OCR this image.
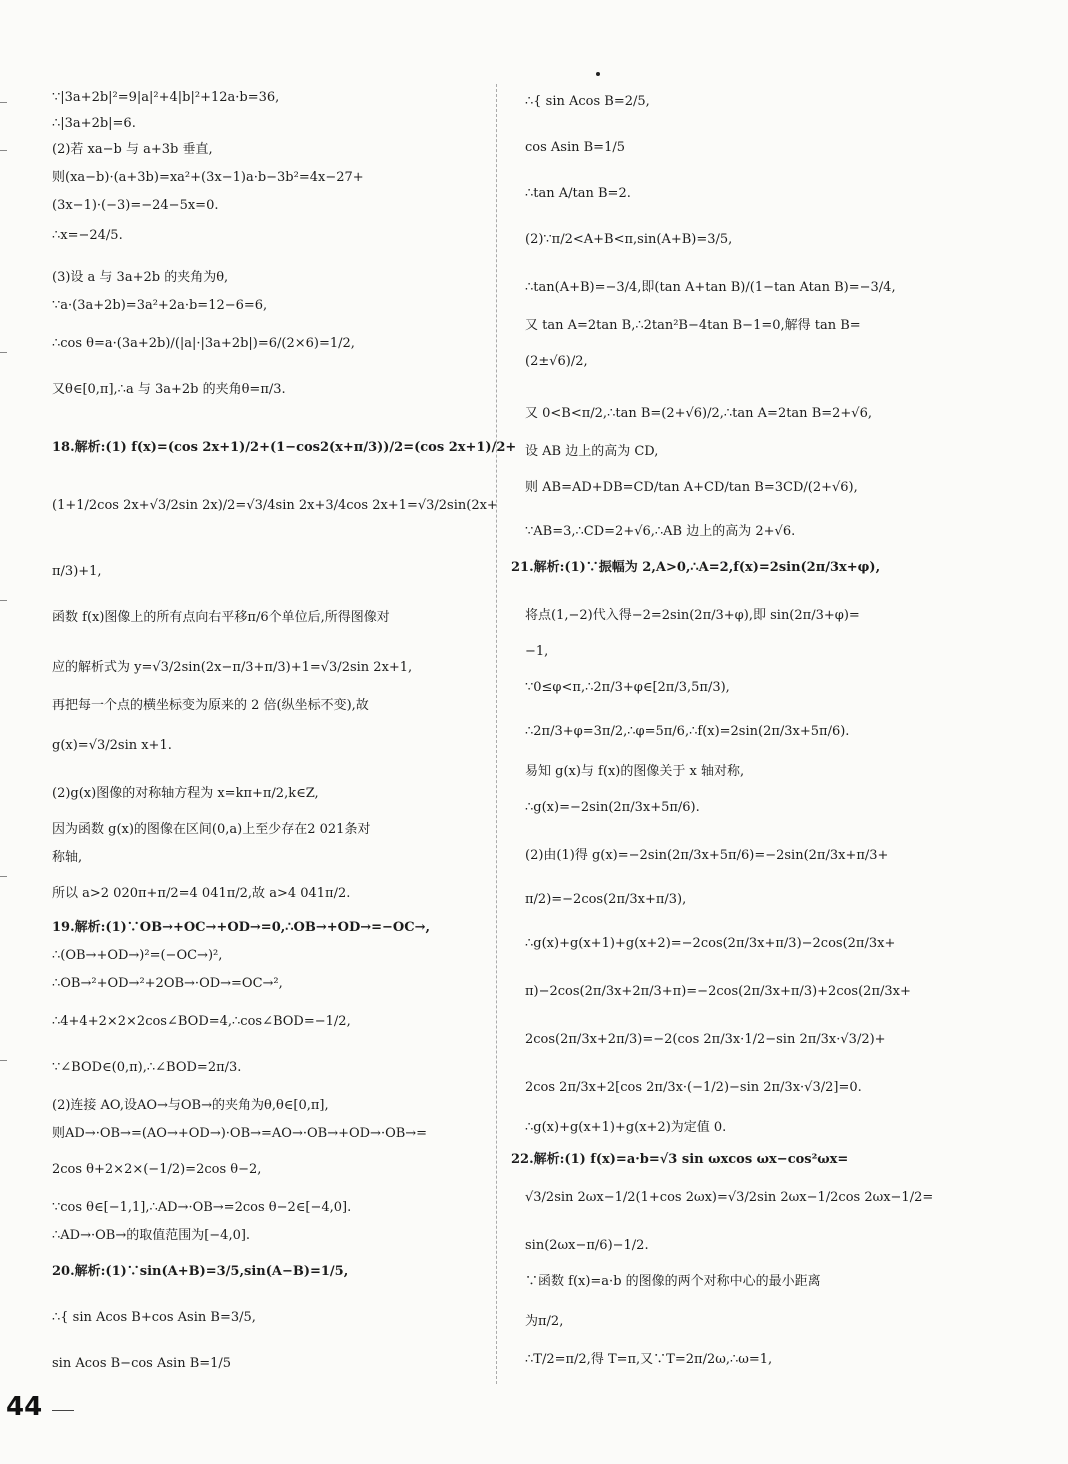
∵|3a+2b|²=9|a|²+4|b|²+12a·b=36,
∴|3a+2b|=6.
(2)若 xa−b 与 a+3b 垂直,
则(xa−b)·(a+3b)=xa²+(3x−1)a·b−3b²=4x−27+
(3x−1)·(−3)=−24−5x=0.
∴x=−24/5.
(3)设 a 与 3a+2b 的夹角为θ,
∵a·(3a+2b)=3a²+2a·b=12−6=6,
∴cos θ=a·(3a+2b)/(|a|·|3a+2b|)=6/(2×6)=1/2,
又θ∈[0,π],∴a 与 3a+2b 的夹角θ=π/3.
18.解析:(1) f(x)=(cos 2x+1)/2+(1−cos2(x+π/3))/2=(cos 2x+1)/2+
(1+1/2cos 2x+√3/2sin 2x)/2=√3/4sin 2x+3/4cos 2x+1=√3/2sin(2x+
π/3)+1,
函数 f(x)图像上的所有点向右平移π/6个单位后,所得图像对
应的解析式为 y=√3/2sin(2x−π/3+π/3)+1=√3/2sin 2x+1,
再把每一个点的横坐标变为原来的 2 倍(纵坐标不变),故
g(x)=√3/2sin x+1.
(2)g(x)图像的对称轴方程为 x=kπ+π/2,k∈Z,
因为函数 g(x)的图像在区间(0,a)上至少存在2 021条对
称轴,
所以 a>2 020π+π/2=4 041π/2,故 a>4 041π/2.
19.解析:(1)∵OB→+OC→+OD→=0,∴OB→+OD→=−OC→,
∴(OB→+OD→)²=(−OC→)²,
∴OB→²+OD→²+2OB→·OD→=OC→²,
∴4+4+2×2×2cos∠BOD=4,∴cos∠BOD=−1/2,
∵∠BOD∈(0,π),∴∠BOD=2π/3.
(2)连接 AO,设AO→与OB→的夹角为θ,θ∈[0,π],
则AD→·OB→=(AO→+OD→)·OB→=AO→·OB→+OD→·OB→=
2cos θ+2×2×(−1/2)=2cos θ−2,
∵cos θ∈[−1,1],∴AD→·OB→=2cos θ−2∈[−4,0].
∴AD→·OB→的取值范围为[−4,0].
20.解析:(1)∵sin(A+B)=3/5,sin(A−B)=1/5,
∴{ sin Acos B+cos Asin B=3/5,
sin Acos B−cos Asin B=1/5
∴{ sin Acos B=2/5,
cos Asin B=1/5
∴tan A/tan B=2.
(2)∵π/2<A+B<π,sin(A+B)=3/5,
∴tan(A+B)=−3/4,即(tan A+tan B)/(1−tan Atan B)=−3/4,
又 tan A=2tan B,∴2tan²B−4tan B−1=0,解得 tan B=
(2±√6)/2,
又 0<B<π/2,∴tan B=(2+√6)/2,∴tan A=2tan B=2+√6,
设 AB 边上的高为 CD,
则 AB=AD+DB=CD/tan A+CD/tan B=3CD/(2+√6),
∵AB=3,∴CD=2+√6,∴AB 边上的高为 2+√6.
21.解析:(1)∵振幅为 2,A>0,∴A=2,f(x)=2sin(2π/3x+φ),
将点(1,−2)代入得−2=2sin(2π/3+φ),即 sin(2π/3+φ)=
−1,
∵0≤φ<π,∴2π/3+φ∈[2π/3,5π/3),
∴2π/3+φ=3π/2,∴φ=5π/6,∴f(x)=2sin(2π/3x+5π/6).
易知 g(x)与 f(x)的图像关于 x 轴对称,
∴g(x)=−2sin(2π/3x+5π/6).
(2)由(1)得 g(x)=−2sin(2π/3x+5π/6)=−2sin(2π/3x+π/3+
π/2)=−2cos(2π/3x+π/3),
∴g(x)+g(x+1)+g(x+2)=−2cos(2π/3x+π/3)−2cos(2π/3x+
π)−2cos(2π/3x+2π/3+π)=−2cos(2π/3x+π/3)+2cos(2π/3x+
2cos(2π/3x+2π/3)=−2(cos 2π/3x·1/2−sin 2π/3x·√3/2)+
2cos 2π/3x+2[cos 2π/3x·(−1/2)−sin 2π/3x·√3/2]=0.
∴g(x)+g(x+1)+g(x+2)为定值 0.
22.解析:(1) f(x)=a·b=√3 sin ωxcos ωx−cos²ωx=
√3/2sin 2ωx−1/2(1+cos 2ωx)=√3/2sin 2ωx−1/2cos 2ωx−1/2=
sin(2ωx−π/6)−1/2.
∵函数 f(x)=a·b 的图像的两个对称中心的最小距离
为π/2,
∴T/2=π/2,得 T=π,又∵T=2π/2ω,∴ω=1,
44
